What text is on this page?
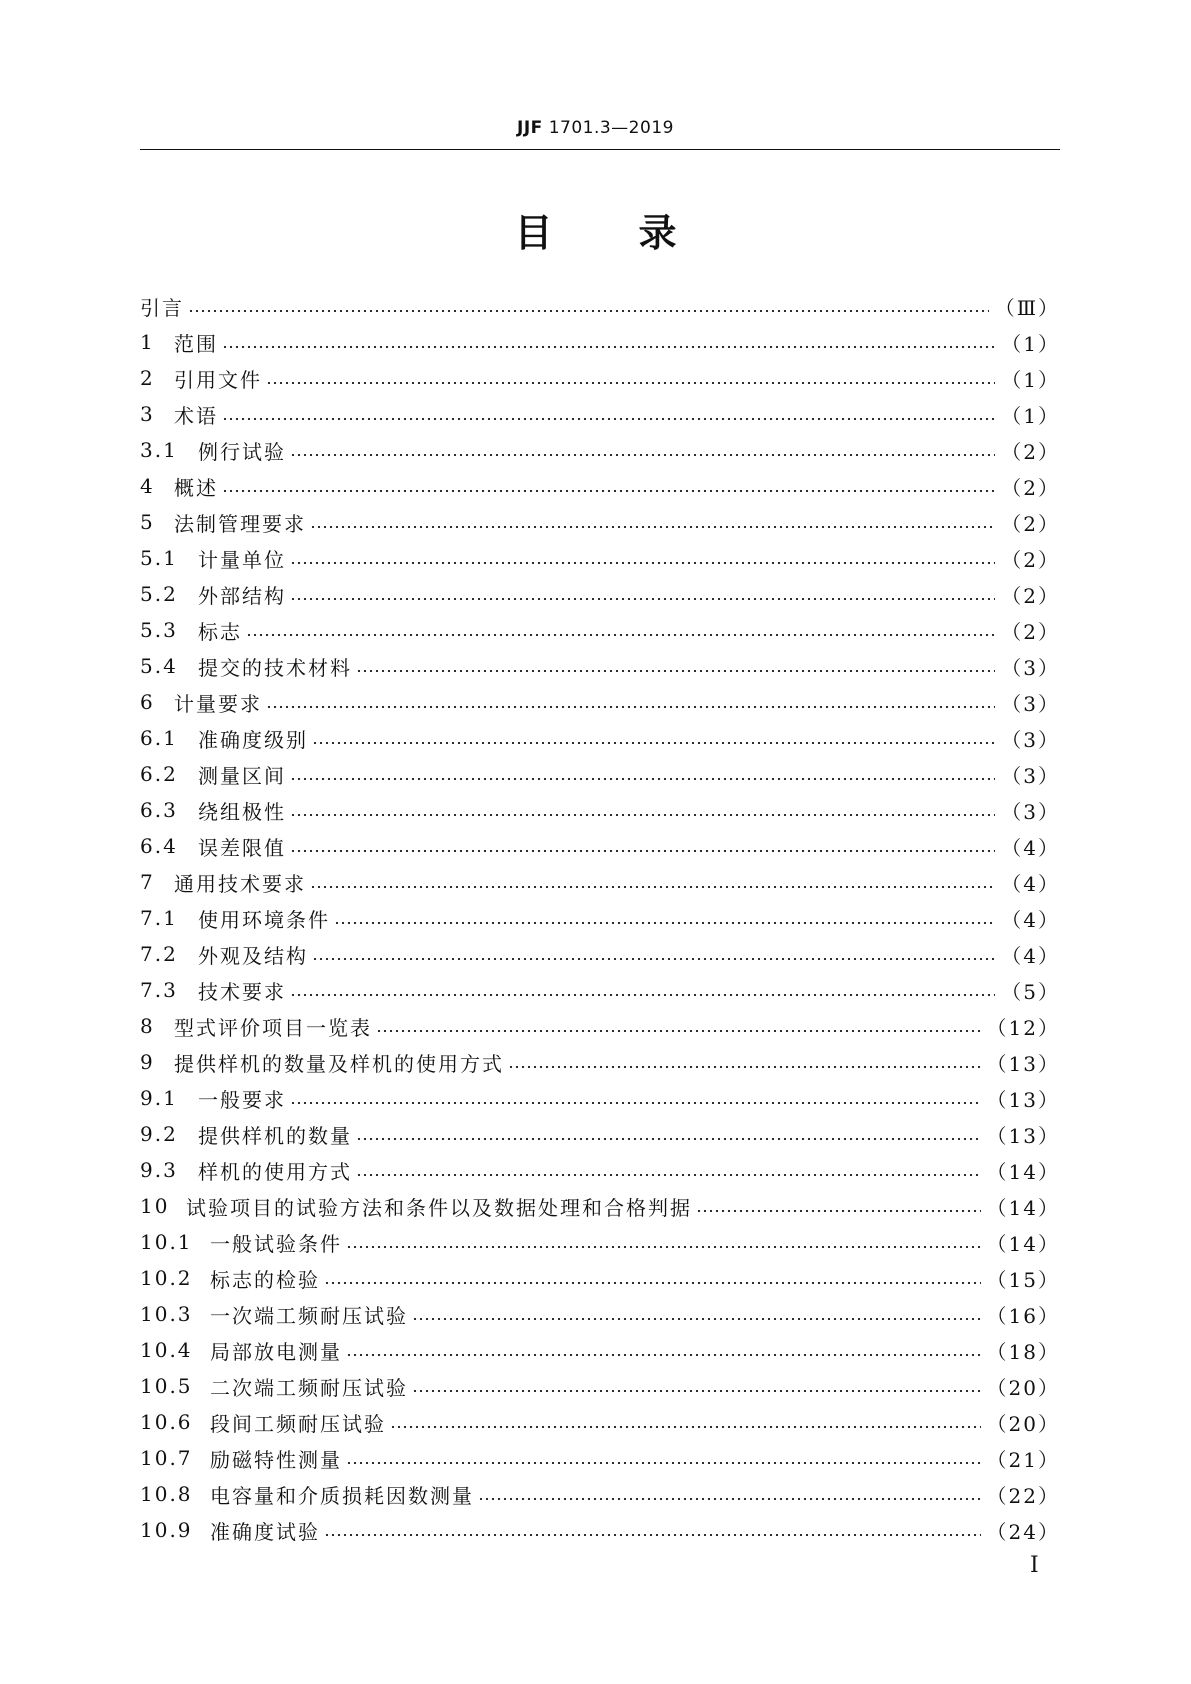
JJF 1701.3—2019
目 录
引言	（Ⅲ）
1 范围	（1）
2 引用文件	（1）
3 术语	（1）
3.1	例行试验	（2）
4 概述	（2）
5 法制管理要求	（2）
5.1	计量单位	（2）
5.2	外部结构	（2）
5.3	标志	（2）
5.4	提交的技术材料	（3）
6 计量要求	（3）
6.1	准确度级别	（3）
6.2	测量区间	（3）
6.3	绕组极性	（3）
6.4	误差限值	（4）
7 通用技术要求	（4）
7.1	使用环境条件	（4）
7.2	外观及结构	（4）
7.3	技术要求	（5）
8 型式评价项目一览表	（12）
9 提供样机的数量及样机的使用方式	（13）
9.1	一般要求	（13）
9.2	提供样机的数量	（13）
9.3	样机的使用方式	（14）
10 试验项目的试验方法和条件以及数据处理和合格判据	（14）
10.1 一般试验条件	（14）
10.2 标志的检验	（15）
10.3 一次端工频耐压试验	（16）
10.4 局部放电测量	（18）
10.5 二次端工频耐压试验	（20）
10.6 段间工频耐压试验	（20）
10.7 励磁特性测量	（21）
10.8 电容量和介质损耗因数测量	（22）
10.9 准确度试验	（24）
Ⅰ
